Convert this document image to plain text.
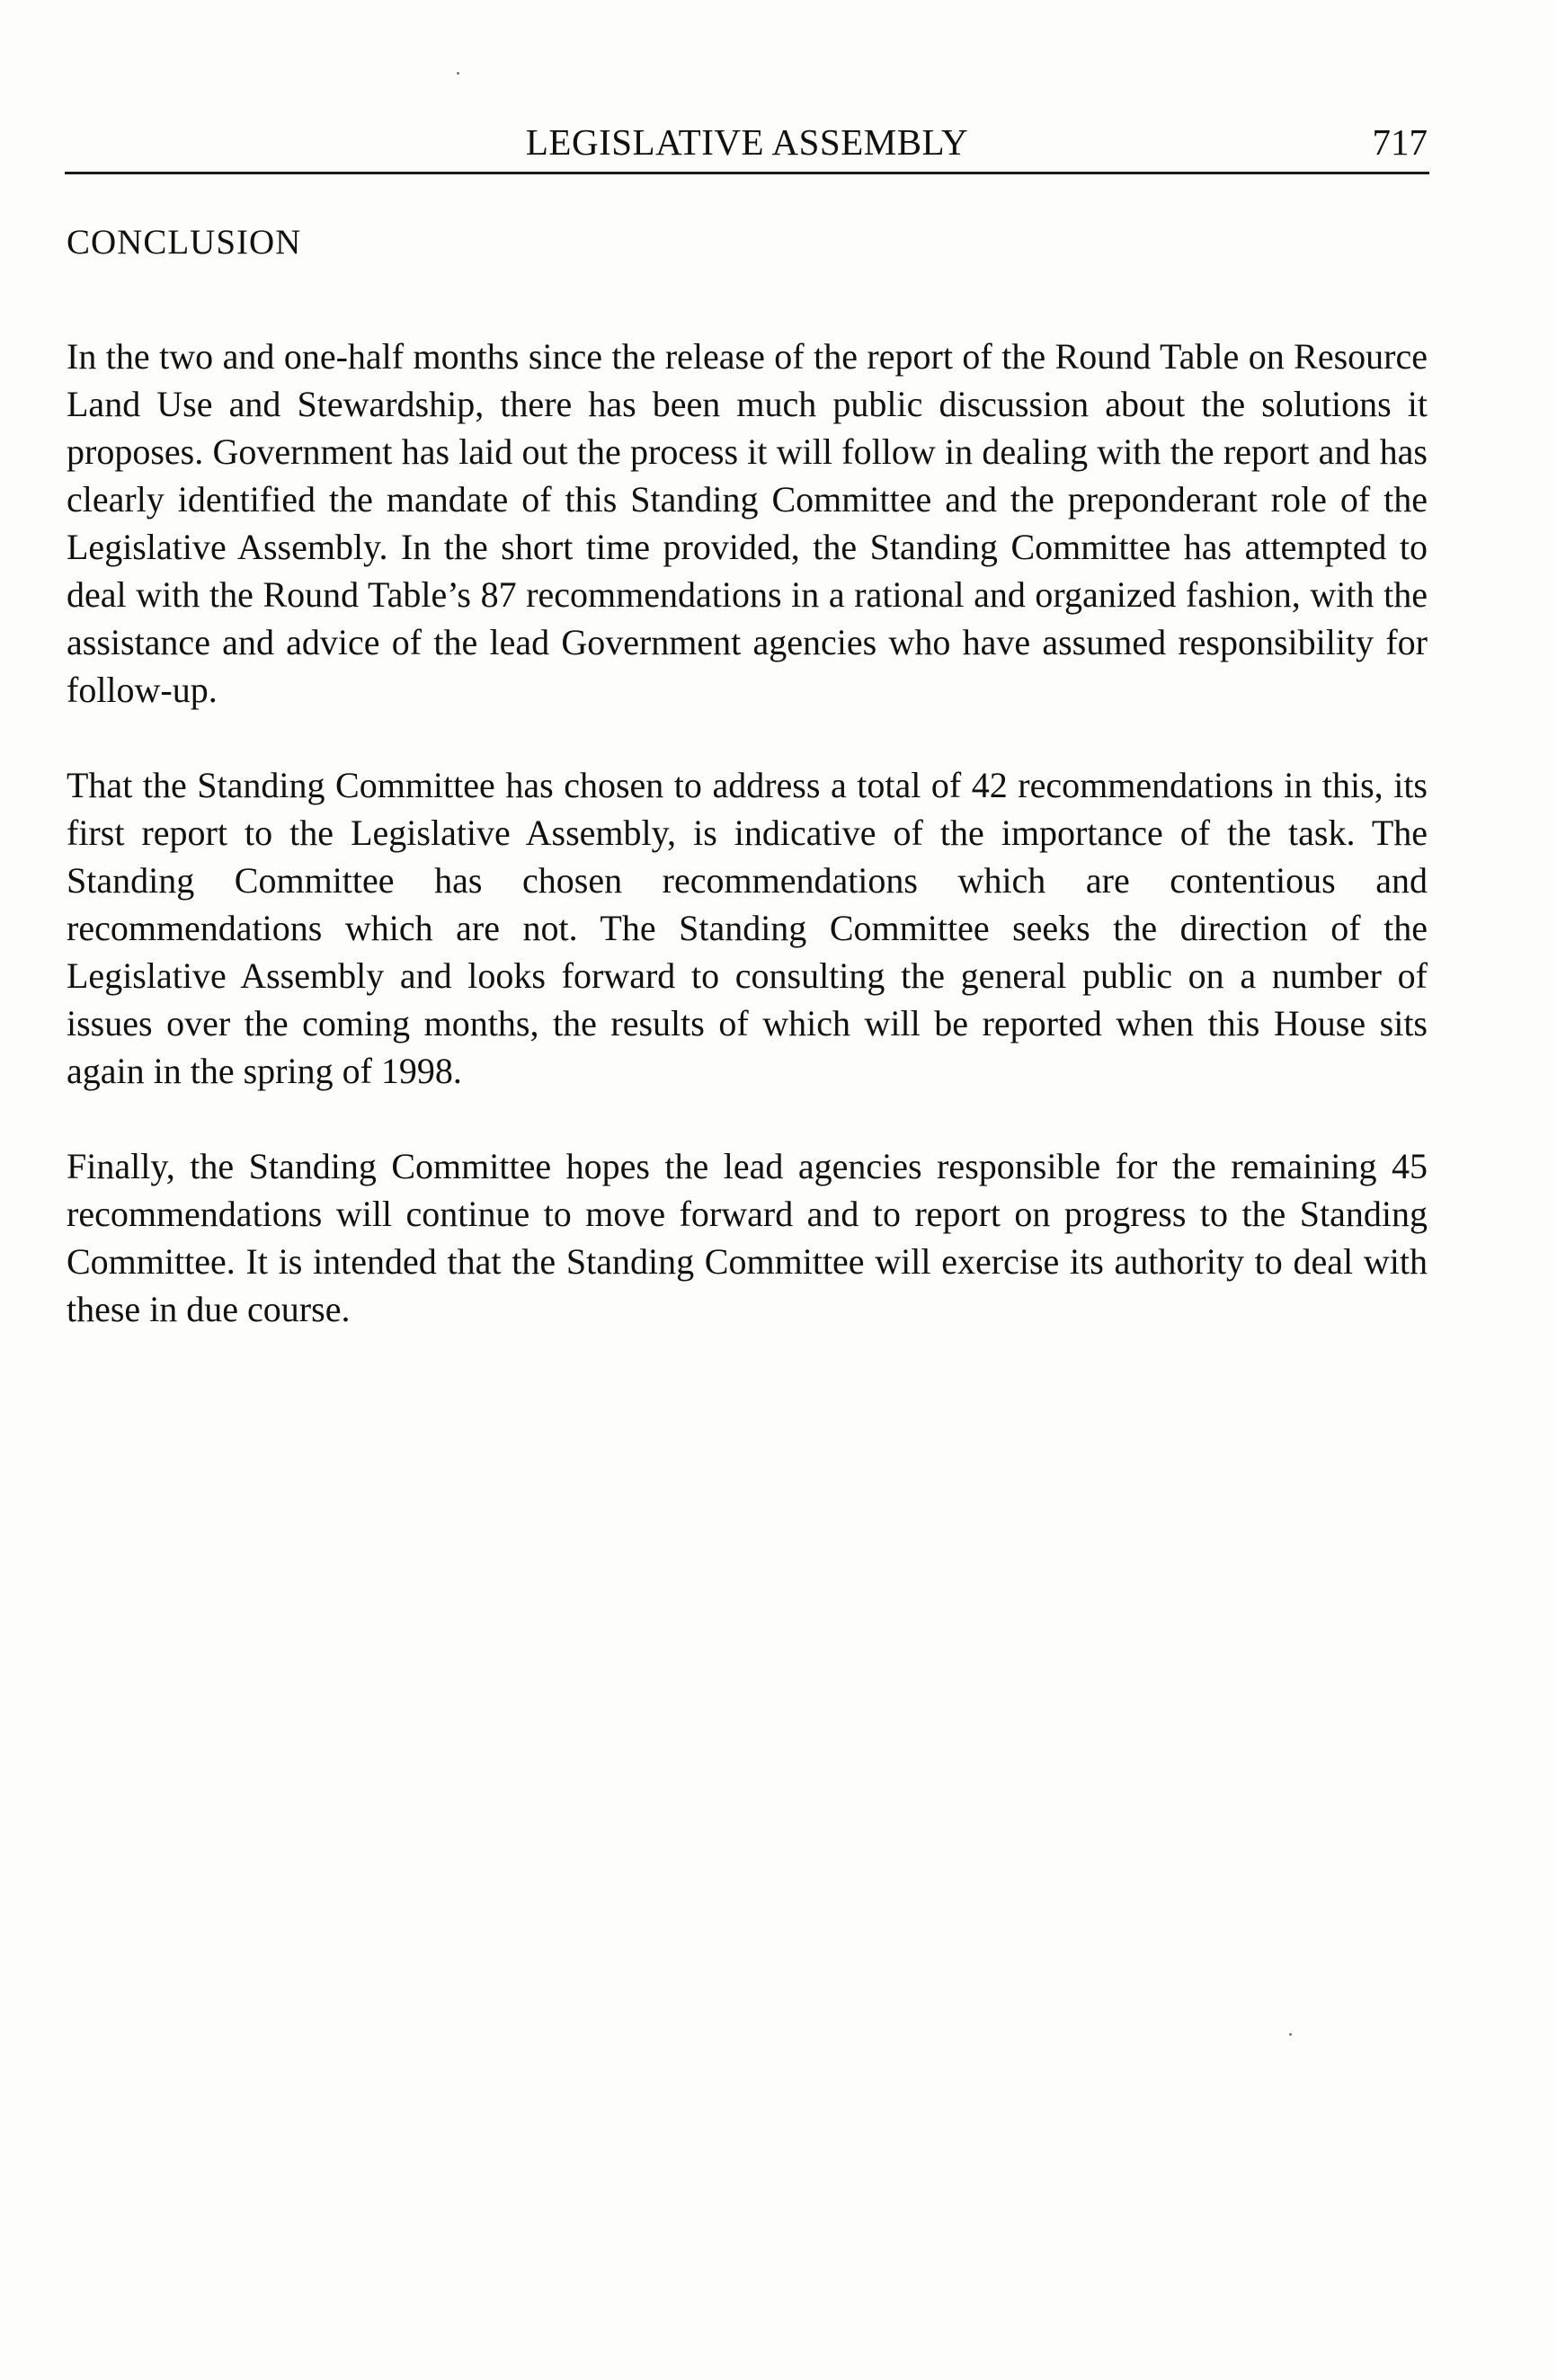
LEGISLATIVE ASSEMBLY	717
CONCLUSION

In the two and one-half months since the release of the report of the Round Table on Resource Land Use and Stewardship, there has been much public discussion about the solutions it proposes. Government has laid out the process it will follow in dealing with the report and has clearly identified the mandate of this Standing Committee and the preponderant role of the Legislative Assembly. In the short time provided, the Standing Committee has attempted to deal with the Round Table’s 87 recommendations in a rational and organized fashion, with the assistance and advice of the lead Government agencies who have assumed responsibility for follow-up.

That the Standing Committee has chosen to address a total of 42 recommendations in this, its first report to the Legislative Assembly, is indicative of the importance of the task. The Standing Committee has chosen recommendations which are contentious and recommendations which are not. The Standing Committee seeks the direction of the Legislative Assembly and looks forward to consulting the general public on a number of issues over the coming months, the results of which will be reported when this House sits again in the spring of 1998.

Finally, the Standing Committee hopes the lead agencies responsible for the remaining 45 recommendations will continue to move forward and to report on progress to the Standing Committee. It is intended that the Standing Committee will exercise its authority to deal with these in due course.
